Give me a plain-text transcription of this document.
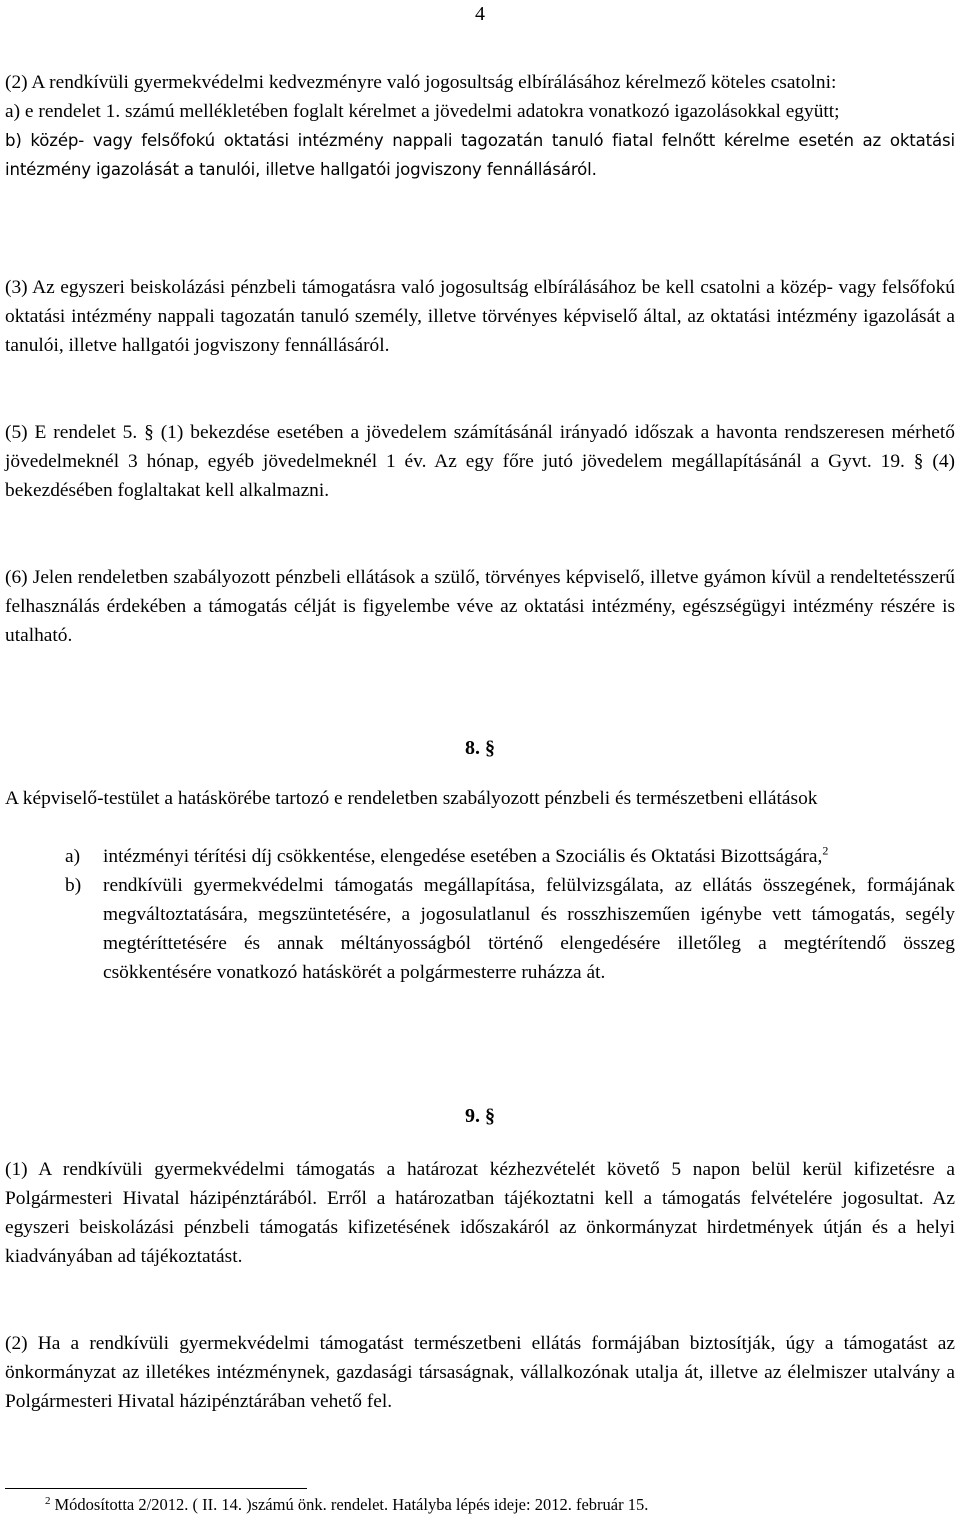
4

(2) A rendkívüli gyermekvédelmi kedvezményre való jogosultság elbírálásához kérelmező köteles csatolni:

a) e rendelet 1. számú mellékletében foglalt kérelmet a jövedelmi adatokra vonatkozó igazolásokkal együtt;

b) közép- vagy felsőfokú oktatási intézmény nappali tagozatán tanuló fiatal felnőtt kérelme esetén az oktatási intézmény igazolását a tanulói, illetve hallgatói jogviszony fennállásáról.

(3) Az egyszeri beiskolázási pénzbeli támogatásra való jogosultság elbírálásához be kell csatolni a közép- vagy felsőfokú oktatási intézmény nappali tagozatán tanuló személy, illetve törvényes képviselő által, az oktatási intézmény igazolását a tanulói, illetve hallgatói jogviszony fennállásáról.

(5) E rendelet 5. § (1) bekezdése esetében a jövedelem számításánál irányadó időszak a havonta rendszeresen mérhető jövedelmeknél 3 hónap, egyéb jövedelmeknél 1 év. Az egy főre jutó jövedelem megállapításánál a Gyvt. 19. § (4) bekezdésében foglaltakat kell alkalmazni.

(6) Jelen rendeletben szabályozott pénzbeli ellátások a szülő, törvényes képviselő, illetve gyámon kívül a rendeltetésszerű felhasználás érdekében a támogatás célját is figyelembe véve az oktatási intézmény, egészségügyi intézmény részére is utalható.

8. §

A képviselő-testület a hatáskörébe tartozó e rendeletben szabályozott pénzbeli és természetbeni ellátások

a)	intézményi térítési díj csökkentése, elengedése esetében a Szociális és Oktatási Bizottságára,$^2$
b)	rendkívüli gyermekvédelmi támogatás megállapítása, felülvizsgálata, az ellátás összegének, formájának megváltoztatására, megszüntetésére, a jogosulatlanul és rosszhiszeműen igénybe vett támogatás, segély megtéríttetésére és annak méltányosságból történő elengedésére illetőleg a megtérítendő összeg csökkentésére vonatkozó hatáskörét a polgármesterre ruházza át.
9. §

(1) A rendkívüli gyermekvédelmi támogatás a határozat kézhezvételét követő 5 napon belül kerül kifizetésre a Polgármesteri Hivatal házipénztárából. Erről a határozatban tájékoztatni kell a támogatás felvételére jogosultat. Az egyszeri beiskolázási pénzbeli támogatás kifizetésének időszakáról az önkormányzat hirdetmények útján és a helyi kiadványában ad tájékoztatást.

(2) Ha a rendkívüli gyermekvédelmi támogatást természetbeni ellátás formájában biztosítják, úgy a támogatást az önkormányzat az illetékes intézménynek, gazdasági társaságnak, vállalkozónak utalja át, illetve az élelmiszer utalvány a Polgármesteri Hivatal házipénztárában vehető fel.

$^2$ Módosította 2/2012. ( II. 14. )számú önk. rendelet. Hatályba lépés ideje: 2012. február 15.
